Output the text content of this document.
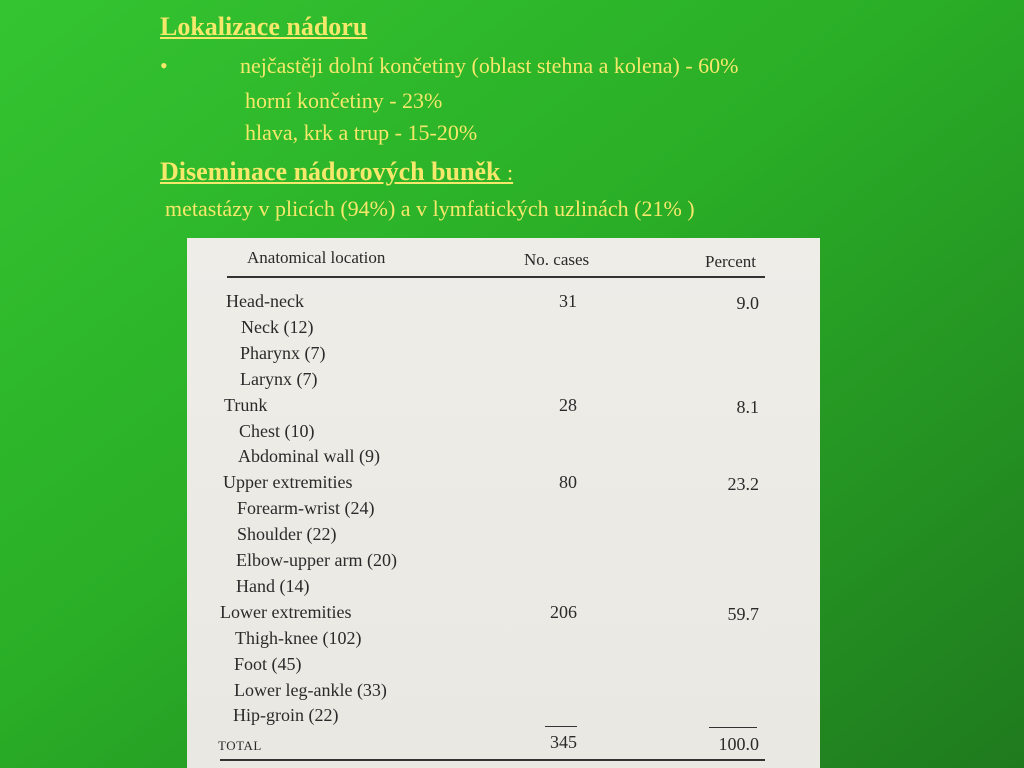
Lokalizace nádoru
•	nejčastěji dolní končetiny (oblast stehna a kolena) - 60%
horní končetiny - 23%
hlava, krk a trup - 15-20%
Diseminace nádorových buněk :
metastázy v plicích (94%) a v lymfatických uzlinách (21% )
Anatomical location	No. cases	Percent
Head-neck	31	9.0
Neck (12)
Pharynx (7)
Larynx (7)
Trunk	28	8.1
Chest (10)
Abdominal wall (9)
Upper extremities	80	23.2
Forearm-wrist (24)
Shoulder (22)
Elbow-upper arm (20)
Hand (14)
Lower extremities	206	59.7
Thigh-knee (102)
Foot (45)
Lower leg-ankle (33)
Hip-groin (22)
TOTAL	345	100.0
